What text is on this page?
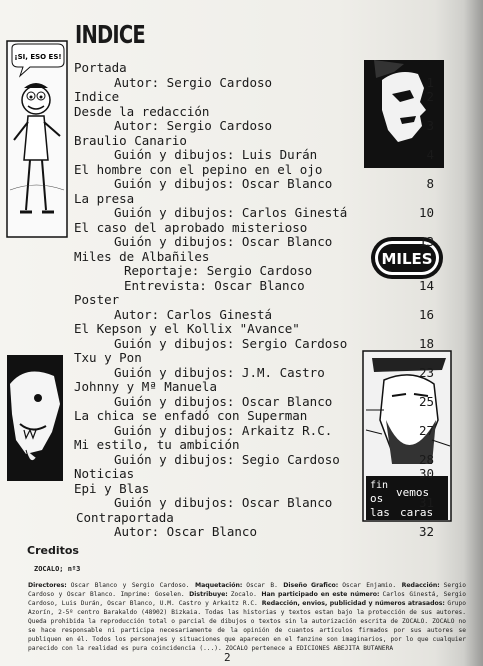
¡SI, ESO ES!
MILES
fin
os vemos
las caras
INDICE
Portada
Autor: Sergio Cardoso	1
Indice	2
Desde la redacción
Autor: Sergio Cardoso	3
Braulio Canario
Guión y dibujos: Luis Durán	4
El hombre con el pepino en el ojo
Guión y dibujos: Oscar Blanco	8
La presa
Guión y dibujos: Carlos Ginestá	10
El caso del aprobado misterioso
Guión y dibujos: Oscar Blanco	13
Miles de Albañiles
Reportaje: Sergio Cardoso
Entrevista: Oscar Blanco	14
Poster
Autor: Carlos Ginestá	16
El Kepson y el Kollix "Avance"
Guión y dibujos: Sergio Cardoso	18
Txu y Pon
Guión y dibujos: J.M. Castro	23
Johnny y Mª Manuela
Guión y dibujos: Oscar Blanco	25
La chica se enfadó con Superman
Guión y dibujos: Arkaitz R.C.	27
Mi estilo, tu ambición
Guión y dibujos: Segio Cardoso	28
Noticias	30
Epi y Blas
Guión y dibujos: Oscar Blanco	31
Contraportada
Autor: Oscar Blanco	32
Creditos
ZOCALO; nº3

Directores: Oscar Blanco y Sergio Cardoso. Maquetación: Oscar B. Diseño Grafico: Oscar Enjamio. Redacción: Sergio Cardoso y Oscar Blanco. Imprime: Goselen. Distribuye: Zocalo. Han participado en este número: Carlos Ginestá, Sergio Cardoso, Luis Durán, Oscar Blanco, U.M. Castro y Arkaitz R.C. Redacción, envios, publicidad y números atrasados: Grupo Azorín, 2-5º centro Barakaldo (48902) Bizkaia. Todas las historias y textos estan bajo la protección de sus autores. Queda prohibida la reproducción total o parcial de dibujos o textos sin la autorización escrita de ZOCALO. ZOCALO no se hace responsable ni participa necesariamente de la opinión de cuantos artículos firmados por sus autores se publiquen en él. Todos los personajes y situaciones que aparecen en el fanzine son imaginarios, por lo que cualquier parecido con la realidad es pura coincidencia (...). ZOCALO pertenece a EDICIONES ABEJITA BUTANERA

2
